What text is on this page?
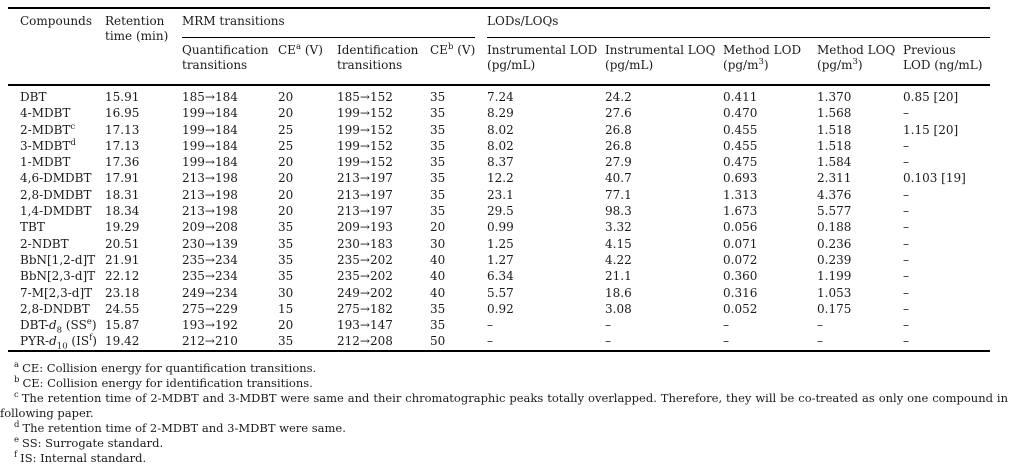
Compounds	Retention time (min)	MRM transitions				LODs/LOQs				

		Quantification transitions	$CE^a$ (V)	Identification transitions	$CE^b$ (V)	Instrumental LOD (pg/mL)	Instrumental LOQ (pg/mL)	Method LOD $(pg/m^3)$	Method LOQ $(pg/m^3)$	Previous LOD (ng/mL)
DBT	15.91	185→184	20	185→152	35	7.24	24.2	0.411	1.370	0.85 [20]
4-MDBT	16.95	199→184	20	199→152	35	8.29	27.6	0.470	1.568	–
2-MDBT$^c$	17.13	199→184	25	199→152	35	8.02	26.8	0.455	1.518	1.15 [20]
3-MDBT$^d$	17.13	199→184	25	199→152	35	8.02	26.8	0.455	1.518	–
1-MDBT	17.36	199→184	20	199→152	35	8.37	27.9	0.475	1.584	–
4,6-DMDBT	17.91	213→198	20	213→197	35	12.2	40.7	0.693	2.311	0.103 [19]
2,8-DMDBT	18.31	213→198	20	213→197	35	23.1	77.1	1.313	4.376	–
1,4-DMDBT	18.34	213→198	20	213→197	35	29.5	98.3	1.673	5.577	–
TBT	19.29	209→208	35	209→193	20	0.99	3.32	0.056	0.188	–
2-NDBT	20.51	230→139	35	230→183	30	1.25	4.15	0.071	0.236	–
BbN[1,2-d]T	21.91	235→234	35	235→202	40	1.27	4.22	0.072	0.239	–
BbN[2,3-d]T	22.12	235→234	35	235→202	40	6.34	21.1	0.360	1.199	–
7-M[2,3-d]T	23.18	249→234	30	249→202	40	5.57	18.6	0.316	1.053	–
2,8-DNDBT	24.55	275→229	15	275→182	35	0.92	3.08	0.052	0.175	–
DBT-$d_8$ $(SS^e)$	15.87	193→192	20	193→147	35	–	–	–	–	–
PYR-$d_{10}$ $(IS^f)$	19.42	212→210	35	212→208	50	–	–	–	–	–
$^a$ CE: Collision energy for quantification transitions.
$^b$ CE: Collision energy for identification transitions.
$^c$ The retention time of 2-MDBT and 3-MDBT were same and their chromatographic peaks totally overlapped. Therefore, they will be co-treated as only one compound in following paper.
$^d$ The retention time of 2-MDBT and 3-MDBT were same.
$^e$ SS: Surrogate standard.
$^f$ IS: Internal standard.
